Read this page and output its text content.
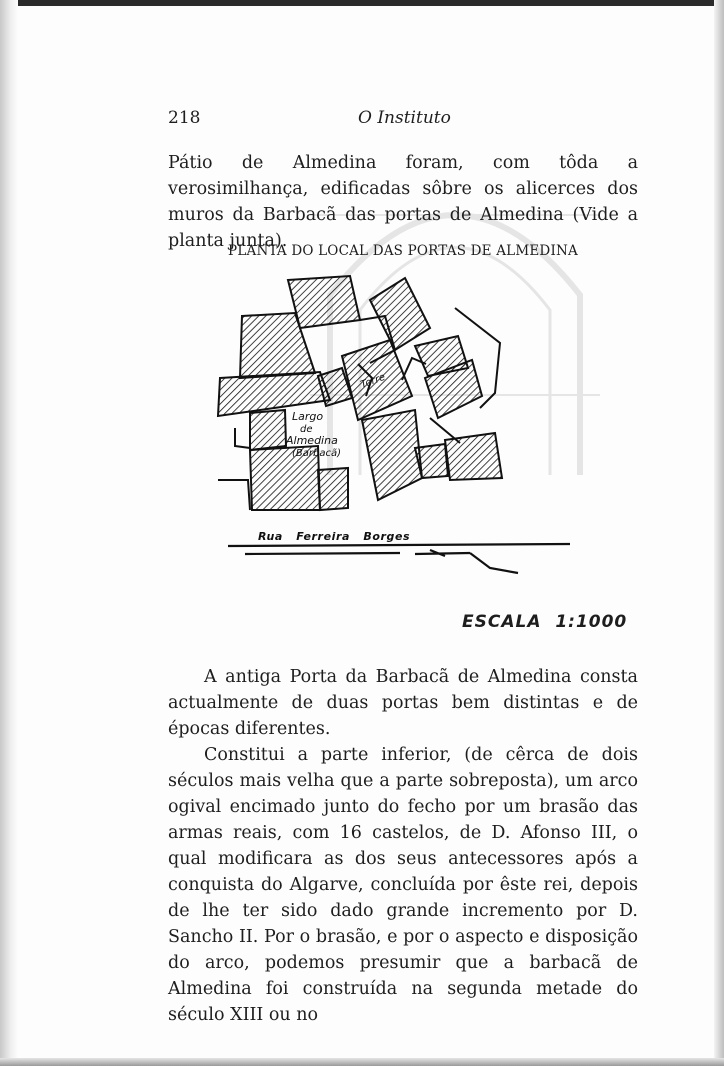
218	O Instituto

Pátio de Almedina foram, com tôda a verosimilhança, edificadas sôbre os alicerces dos muros da Barbacã das portas de Almedina (Vide a planta junta).

PLANTA DO LOCAL DAS PORTAS DE ALMEDINA
Largo
de
Almedina
(Barbacã)
Torre
Rua   Ferreira   Borges
ESCALA  1:1000

A antiga Porta da Barbacã de Almedina consta actualmente de duas portas bem distintas e de épocas diferentes.

Constitui a parte inferior, (de cêrca de dois séculos mais velha que a parte sobreposta), um arco ogival encimado junto do fecho por um brasão das armas reais, com 16 castelos, de D. Afonso III, o qual modificara as dos seus antecessores após a conquista do Algarve, concluída por êste rei, depois de lhe ter sido dado grande incremento por D. Sancho II. Por o brasão, e por o aspecto e disposição do arco, podemos presumir que a barbacã de Almedina foi construída na segunda metade do século XIII ou no
